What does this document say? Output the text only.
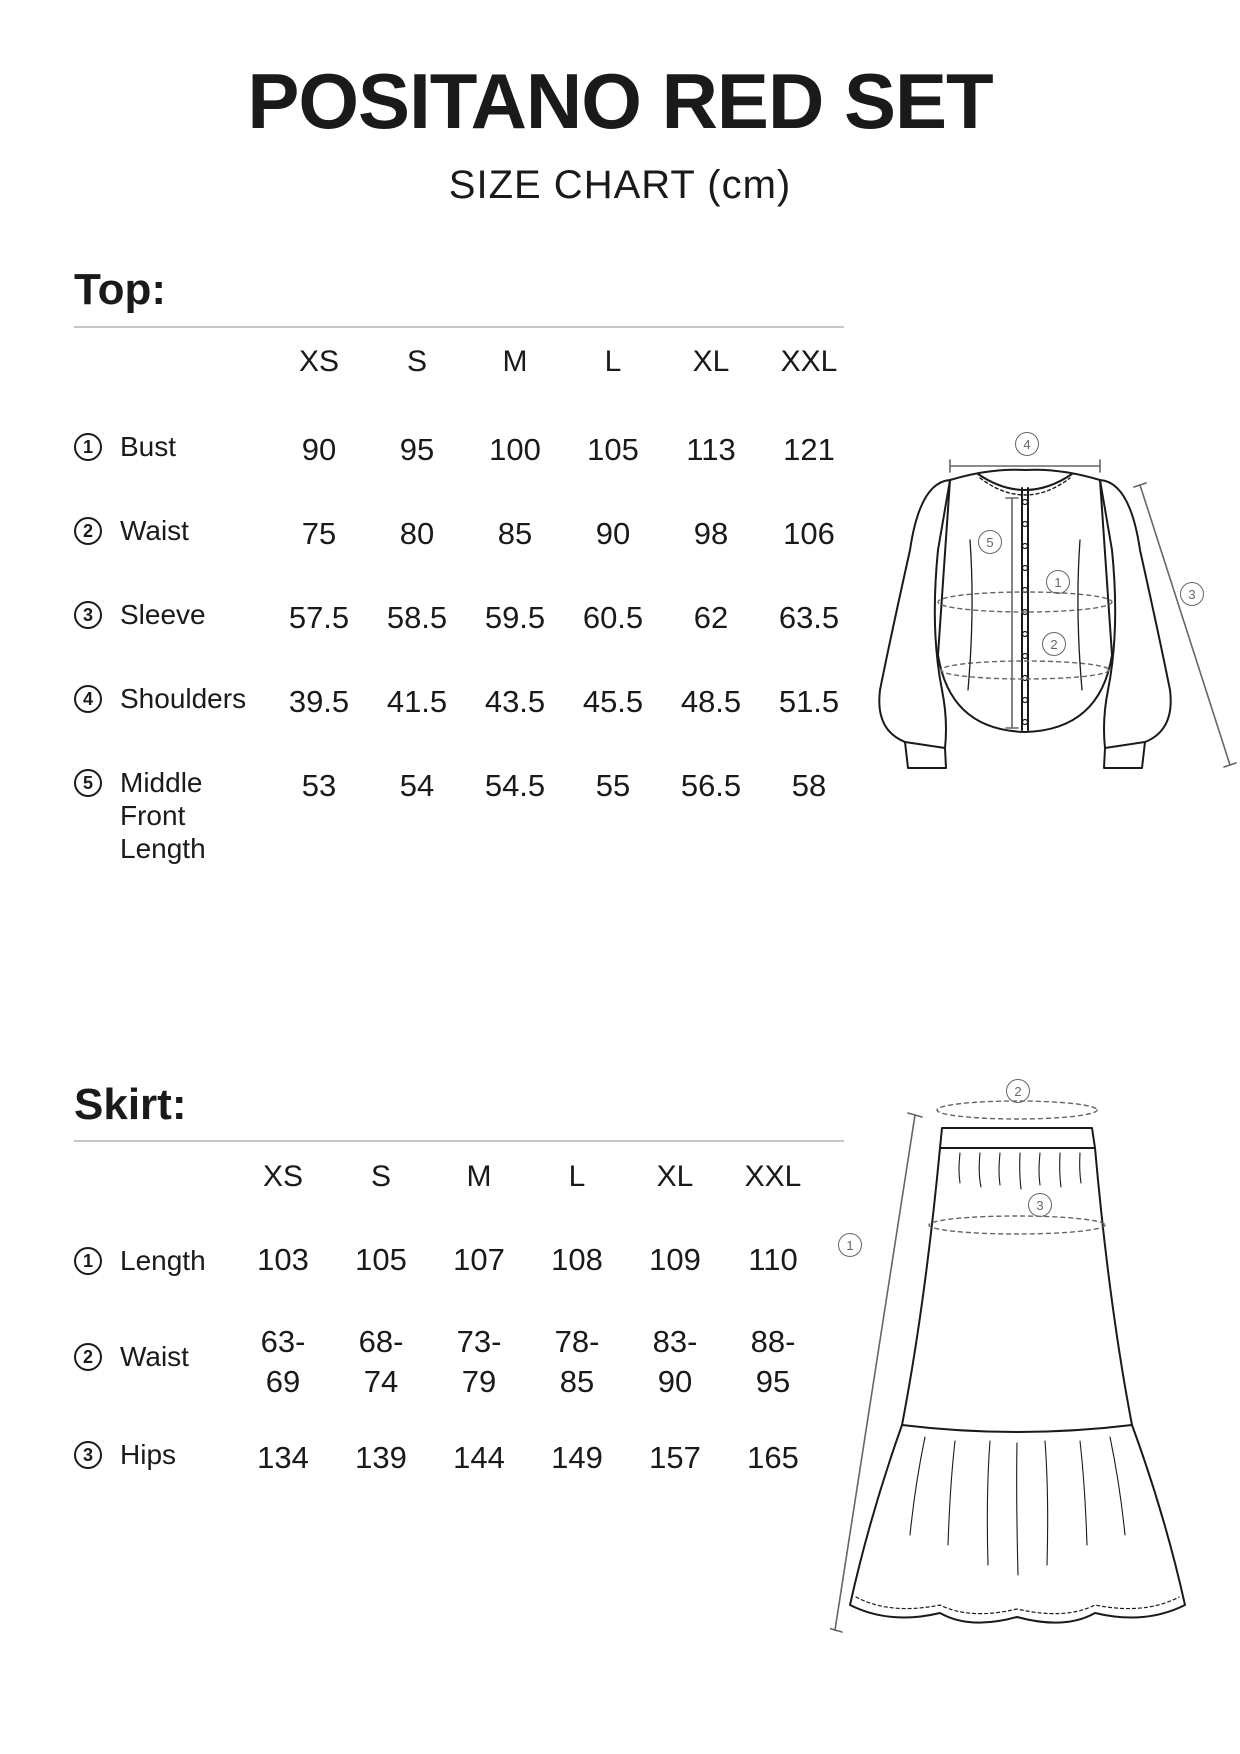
POSITANO RED SET
SIZE CHART (cm)
Top:
	XS	S	M	L	XL	XXL

1 Bust	90	95	100	105	113	121

2 Waist	75	80	85	90	98	106

3 Sleeve	57.5	58.5	59.5	60.5	62	63.5

4 Shoulders	39.5	41.5	43.5	45.5	48.5	51.5

5 Middle Front Length	53	54	54.5	55	56.5	58
4
3
5
1
2
Skirt:
	XS	S	M	L	XL	XXL

1 Length	103	105	107	108	109	110

2 Waist	63-69	68-74	73-79	78-85	83-90	88-95

3 Hips	134	139	144	149	157	165
2
3
1
